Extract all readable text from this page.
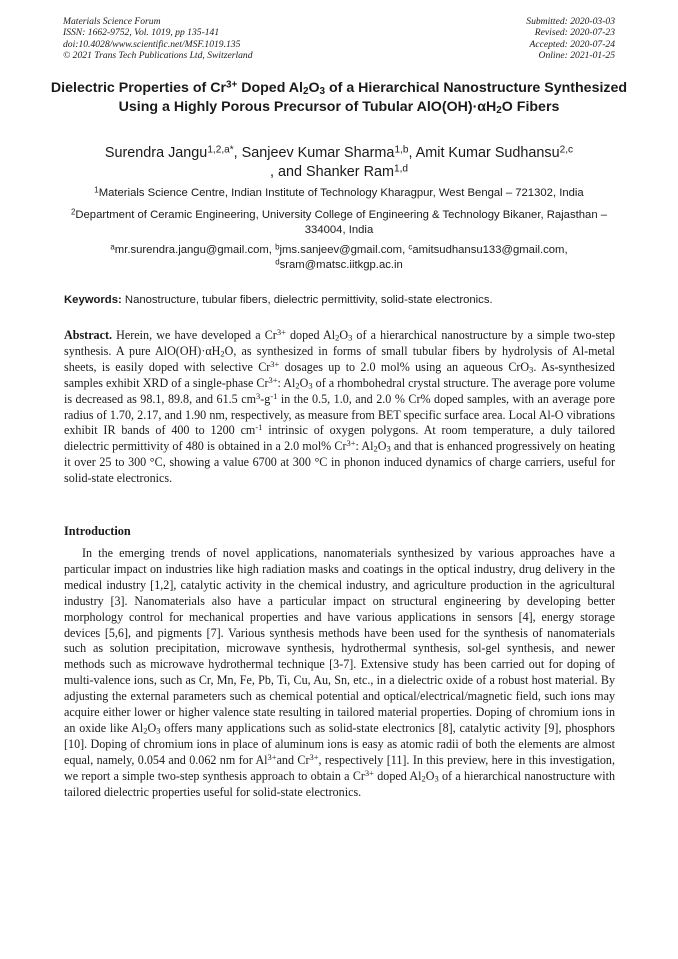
Materials Science Forum
ISSN: 1662-9752, Vol. 1019, pp 135-141
doi:10.4028/www.scientific.net/MSF.1019.135
© 2021 Trans Tech Publications Ltd, Switzerland
Submitted: 2020-03-03
Revised: 2020-07-23
Accepted: 2020-07-24
Online: 2021-01-25
Dielectric Properties of $Cr^{3+}$ Doped $Al_2O_3$ of a Hierarchical Nanostructure Synthesized Using a Highly Porous Precursor of Tubular $AlO(OH)\cdot\alpha H_2O$ Fibers
Surendra Jangu$^{1,2,a*}$, Sanjeev Kumar Sharma$^{1,b}$, Amit Kumar Sudhansu$^{2,c}$
, and Shanker Ram$^{1,d}$
$^1$Materials Science Centre, Indian Institute of Technology Kharagpur, West Bengal – 721302, India
$^2$Department of Ceramic Engineering, University College of Engineering & Technology Bikaner, Rajasthan – 334004, India
$^a$mr.surendra.jangu@gmail.com, $^b$jms.sanjeev@gmail.com, $^c$amitsudhansu133@gmail.com,
$^d$sram@matsc.iitkgp.ac.in
Keywords: Nanostructure, tubular fibers, dielectric permittivity, solid-state electronics.
Abstract. Herein, we have developed a $Cr^{3+}$ doped $Al_2O_3$ of a hierarchical nanostructure by a simple two-step synthesis. A pure $AlO(OH)\cdot\alpha H_2O$, as synthesized in forms of small tubular fibers by hydrolysis of Al-metal sheets, is easily doped with selective $Cr^{3+}$ dosages up to 2.0 mol% using an aqueous CrO$_3$. As-synthesized samples exhibit XRD of a single-phase $Cr^{3+}$: $Al_2O_3$ of a rhombohedral crystal structure. The average pore volume is decreased as 98.1, 89.8, and 61.5 $cm^3-g^{-1}$ in the 0.5, 1.0, and 2.0 % Cr% doped samples, with an average pore radius of 1.70, 2.17, and 1.90 nm, respectively, as measure from BET specific surface area. Local Al-O vibrations exhibit IR bands of 400 to 1200 $cm^{-1}$ intrinsic of oxygen polygons. At room temperature, a duly tailored dielectric permittivity of 480 is obtained in a 2.0 mol% $Cr^{3+}$: $Al_2O_3$ and that is enhanced progressively on heating it over 25 to 300 °C, showing a value 6700 at 300 °C in phonon induced dynamics of charge carriers, useful for solid-state electronics.
Introduction
In the emerging trends of novel applications, nanomaterials synthesized by various approaches have a particular impact on industries like high radiation masks and coatings in the optical industry, drug delivery in the medical industry [1,2], catalytic activity in the chemical industry, and agriculture production in the agricultural industry [3]. Nanomaterials also have a particular impact on structural engineering by developing better morphology control for mechanical properties and have various applications in sensors [4], energy storage devices [5,6], and pigments [7]. Various synthesis methods have been used for the synthesis of nanomaterials such as solution precipitation, microwave synthesis, hydrothermal synthesis, sol-gel synthesis, and newer methods such as microwave hydrothermal technique [3-7]. Extensive study has been carried out for doping of multi-valence ions, such as Cr, Mn, Fe, Pb, Ti, Cu, Au, Sn, etc., in a dielectric oxide of a robust host material. By adjusting the external parameters such as chemical potential and optical/electrical/magnetic field, such ions may acquire either lower or higher valence state resulting in tailored material properties. Doping of chromium ions in an oxide like $Al_2O_3$ offers many applications such as solid-state electronics [8], catalytic activity [9], phosphors [10]. Doping of chromium ions in place of aluminum ions is easy as atomic radii of both the elements are almost equal, namely, 0.054 and 0.062 nm for $Al^{3+}and$ $Cr^{3+}$, respectively [11]. In this preview, here in this investigation, we report a simple two-step synthesis approach to obtain a $Cr^{3+}$ doped $Al_2O_3$ of a hierarchical nanostructure with tailored dielectric properties useful for solid-state electronics.
